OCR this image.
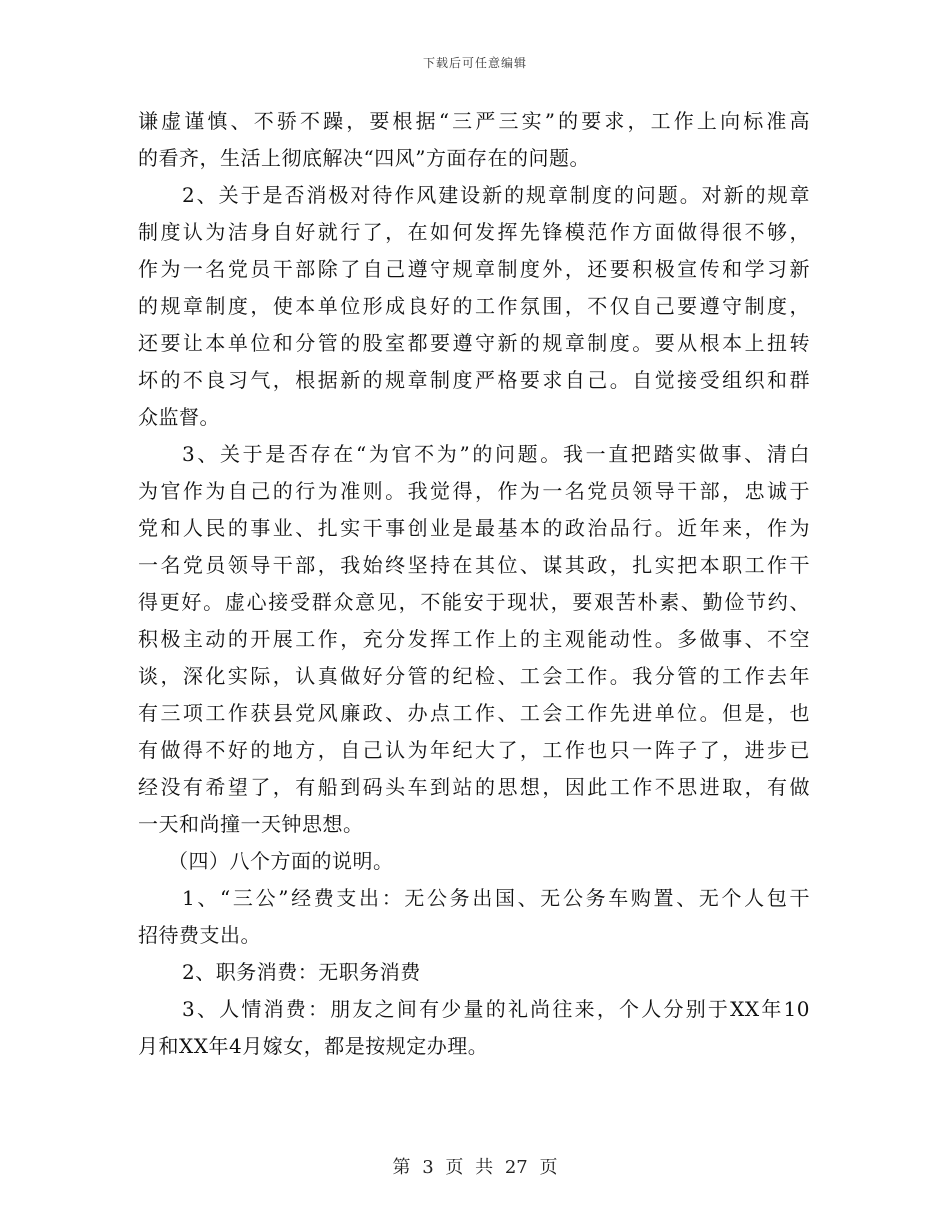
下载后可任意编辑
谦虚谨慎、不骄不躁，要根据“三严三实”的要求，工作上向标准高
的看齐，生活上彻底解决“四风”方面存在的问题。
2、关于是否消极对待作风建设新的规章制度的问题。对新的规章
制度认为洁身自好就行了，在如何发挥先锋模范作方面做得很不够，
作为一名党员干部除了自己遵守规章制度外，还要积极宣传和学习新
的规章制度，使本单位形成良好的工作氛围，不仅自己要遵守制度，
还要让本单位和分管的股室都要遵守新的规章制度。要从根本上扭转
坏的不良习气，根据新的规章制度严格要求自己。自觉接受组织和群
众监督。
3、关于是否存在“为官不为”的问题。我一直把踏实做事、清白
为官作为自己的行为准则。我觉得，作为一名党员领导干部，忠诚于
党和人民的事业、扎实干事创业是最基本的政治品行。近年来，作为
一名党员领导干部，我始终坚持在其位、谋其政，扎实把本职工作干
得更好。虚心接受群众意见，不能安于现状，要艰苦朴素、勤俭节约、
积极主动的开展工作，充分发挥工作上的主观能动性。多做事、不空
谈，深化实际，认真做好分管的纪检、工会工作。我分管的工作去年
有三项工作获县党风廉政、办点工作、工会工作先进单位。但是，也
有做得不好的地方，自己认为年纪大了，工作也只一阵子了，进步已
经没有希望了，有船到码头车到站的思想，因此工作不思进取，有做
一天和尚撞一天钟思想。
（四）八个方面的说明。
1、“三公”经费支出：无公务出国、无公务车购置、无个人包干
招待费支出。
2、职务消费：无职务消费
3、人情消费：朋友之间有少量的礼尚往来，个人分别于XX年10
月和XX年4月嫁女，都是按规定办理。
第 3 页 共 27 页
